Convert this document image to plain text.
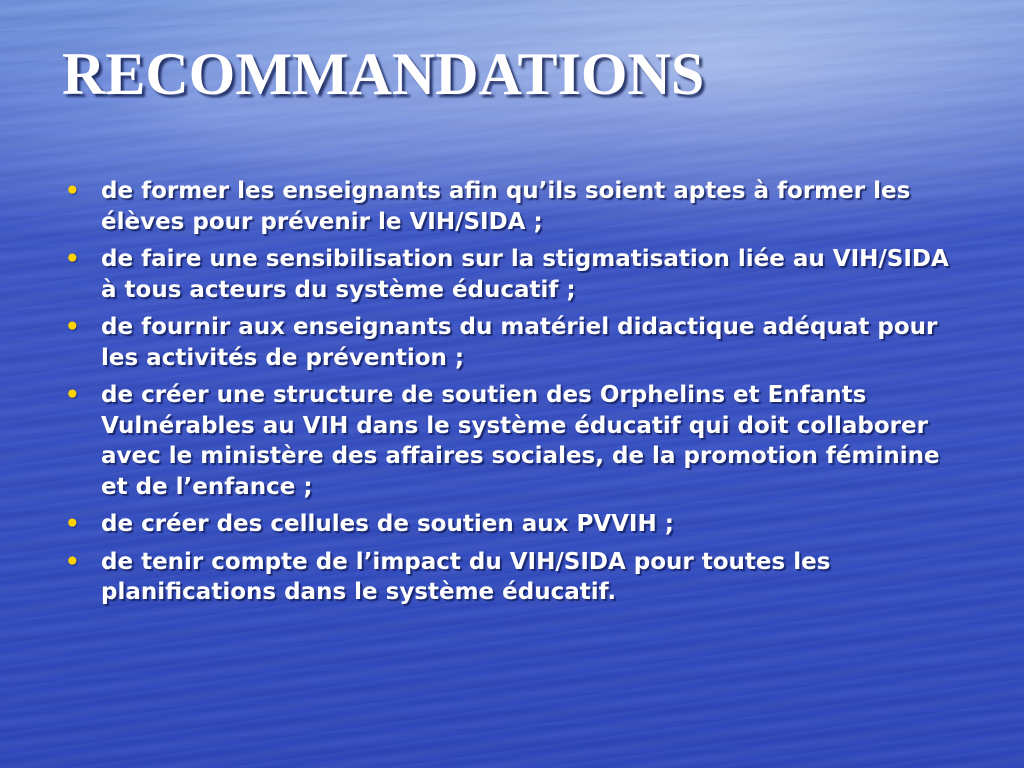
RECOMMANDATIONS
• de former les enseignants afin qu’ils soient aptes à former les élèves pour prévenir le VIH/SIDA ;
• de faire une sensibilisation sur la stigmatisation liée au VIH/SIDA à tous acteurs du système éducatif ;
• de fournir aux enseignants du matériel didactique adéquat pour les activités de prévention ;
• de créer une structure de soutien des Orphelins et Enfants Vulnérables au VIH dans le système éducatif qui doit collaborer avec le ministère des affaires sociales, de la promotion féminine et de l’enfance ;
• de créer des cellules de soutien aux PVVIH ;
• de tenir compte de l’impact du VIH/SIDA pour toutes les planifications dans le système éducatif.
